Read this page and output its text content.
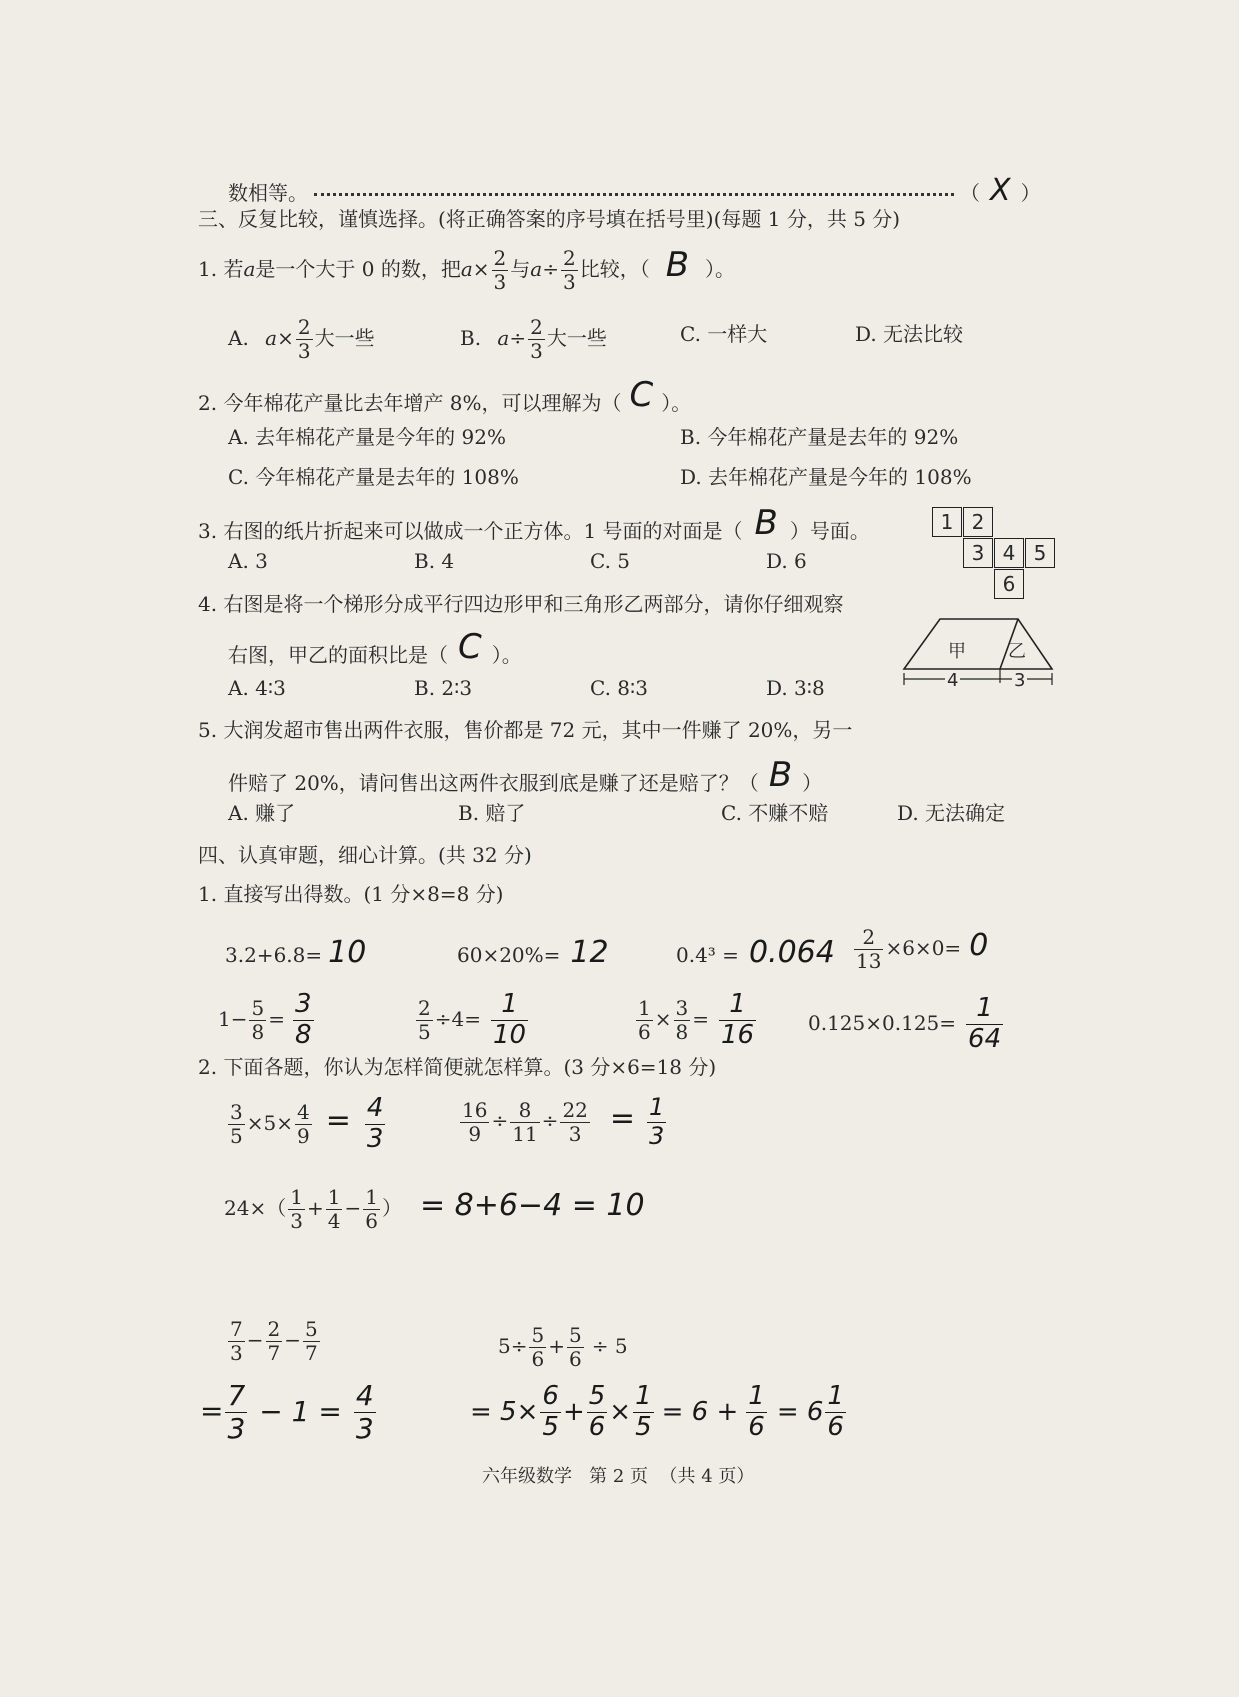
数相等。	（ X ）
三、反复比较，谨慎选择。(将正确答案的序号填在括号里)(每题 1 分，共 5 分)
1. 若a是一个大于 0 的数，把$a\times \frac{2}{3}$ 与$a\div \frac{2}{3}$ 比较，（ B ）。
A. $a\times \frac{2}{3}$ 大一些	B. $a\div \frac{2}{3}$ 大一些	C. 一样大	D. 无法比较
2. 今年棉花产量比去年增产 8%，可以理解为（ C ）。
A. 去年棉花产量是今年的 92%	B. 今年棉花产量是去年的 92%
C. 今年棉花产量是去年的 108%	D. 去年棉花产量是今年的 108%
3. 右图的纸片折起来可以做成一个正方体。1 号面的对面是（ B ）号面。
A. 3	B. 4	C. 5	D. 6
1 2
3 4 5
6
4. 右图是将一个梯形分成平行四边形甲和三角形乙两部分，请你仔细观察
右图，甲乙的面积比是（ C ）。
A. 4∶3	B. 2∶3	C. 8∶3	D. 3∶8
甲 乙
4	3
5. 大润发超市售出两件衣服，售价都是 72 元，其中一件赚了 20%，另一
件赔了 20%，请问售出这两件衣服到底是赚了还是赔了？（ B ）
A. 赚了	B. 赔了	C. 不赚不赔	D. 无法确定
四、认真审题，细心计算。(共 32 分)
1. 直接写出得数。(1 分×8=8 分)
3.2+6.8= 10	60×20%= 12	$0.4^3 = 0.064 \frac{2}{13} \times 6\times 0= 0$
$1- \frac{5}{8} = \frac{3}{8}$	$\frac{2}{5} \div 4= \frac{1}{10}$	$\frac{1}{6} \times \frac{3}{8} = \frac{1}{16}$	$0.125\times 0.125= \frac{1}{64}$
2. 下面各题，你认为怎样简便就怎样算。(3 分×6=18 分)
$\frac{3}{5} \times 5\times \frac{4}{9} = \frac{4}{3}$	$\frac{16}{9} \div \frac{8}{11} \div \frac{22}{3} = \frac{1}{3}$
$24\times( \frac{1}{3} + \frac{1}{4} - \frac{1}{6}$ ） = 8+6−4 = 10
$\frac{7}{3} - \frac{2}{7} - \frac{5}{7}$
= $\frac{7}{3} - 1 = \frac{4}{3}$
$5\div \frac{5}{6} + \frac{5}{6} \div 5$
= $5\times \frac{6}{5} + \frac{5}{6} \times \frac{1}{5} = 6 + \frac{1}{6} = 6 \frac{1}{6}$
六年级数学   第 2 页  （共 4 页）
